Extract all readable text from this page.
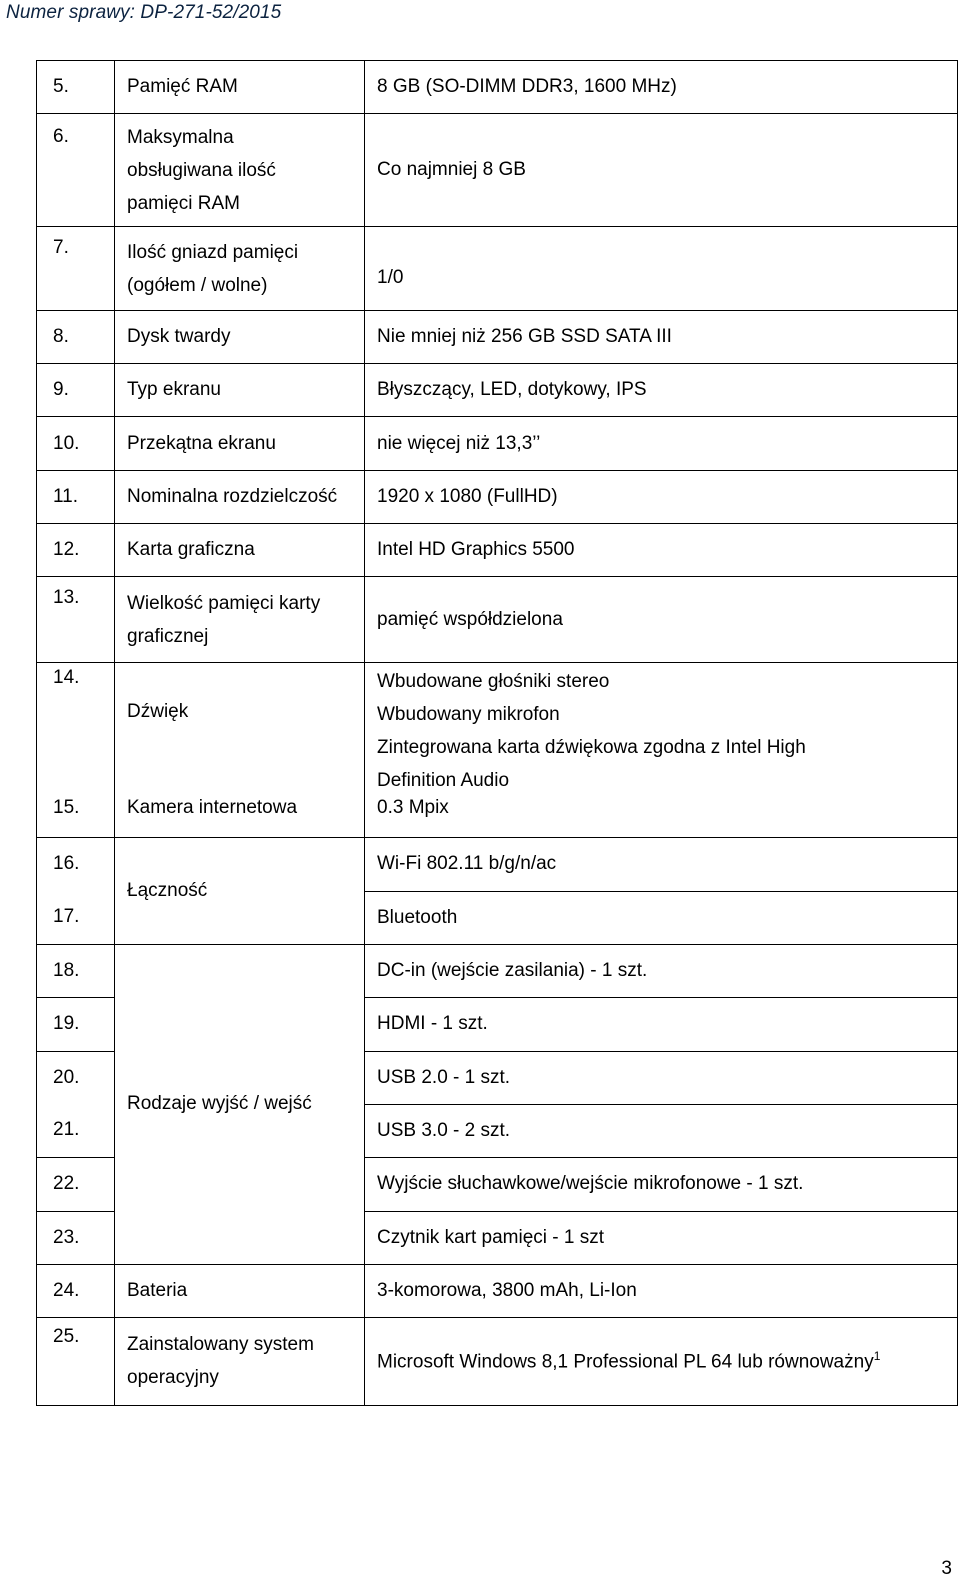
Numer sprawy: DP-271-52/2015
5.	Pamięć RAM	8 GB (SO-DIMM DDR3, 1600 MHz)
6.	Maksymalna
obsługiwana ilość
pamięci RAM	Co najmniej 8 GB
7.	Ilość gniazd pamięci
(ogółem / wolne)	1/0
8.	Dysk twardy	Nie mniej niż 256 GB SSD SATA III
9.	Typ ekranu	Błyszczący, LED, dotykowy, IPS
10.	Przekątna ekranu	nie więcej niż 13,3’’
11.	Nominalna rozdzielczość	1920 x 1080 (FullHD)
12.	Karta graficzna	Intel HD Graphics 5500
13.	Wielkość pamięci karty
graficznej	pamięć współdzielona
14.	Dźwięk	Wbudowane głośniki stereo
Wbudowany mikrofon
Zintegrowana karta dźwiękowa zgodna z Intel High
Definition Audio

15.	Kamera internetowa	0.3 Mpix
16.	Łączność	Wi-Fi 802.11 b/g/n/ac
17.		Bluetooth
18.	Rodzaje wyjść / wejść	DC-in (wejście zasilania) - 1 szt.
19.		HDMI - 1 szt.
20.		USB 2.0 - 1 szt.
21.		USB 3.0 - 2 szt.
22.		Wyjście słuchawkowe/wejście mikrofonowe - 1 szt.
23.		Czytnik kart pamięci - 1 szt
24.	Bateria	3-komorowa, 3800 mAh, Li-Ion
25.	Zainstalowany system
operacyjny	Microsoft Windows 8,1 Professional PL 64 lub równoważny$^1$
3
